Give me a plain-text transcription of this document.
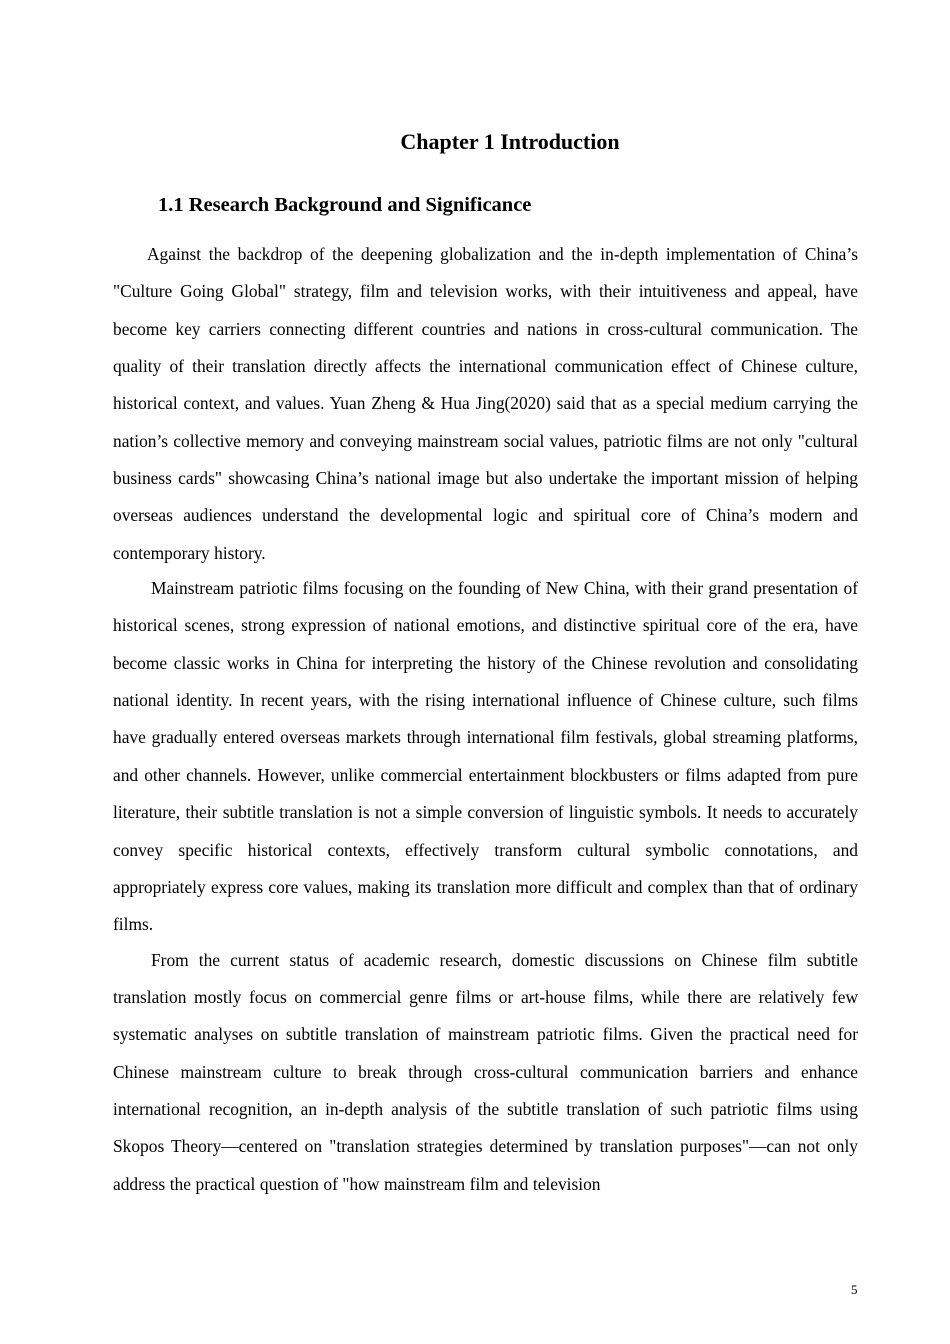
Chapter 1 Introduction
1.1 Research Background and Significance

Against the backdrop of the deepening globalization and the in-depth implementation of China’s "Culture Going Global" strategy, film and television works, with their intuitiveness and appeal, have become key carriers connecting different countries and nations in cross-cultural communication. The quality of their translation directly affects the international communication effect of Chinese culture, historical context, and values. Yuan Zheng & Hua Jing(2020) said that as a special medium carrying the nation’s collective memory and conveying mainstream social values, patriotic films are not only "cultural business cards" showcasing China’s national image but also undertake the important mission of helping overseas audiences understand the developmental logic and spiritual core of China’s modern and contemporary history.

Mainstream patriotic films focusing on the founding of New China, with their grand presentation of historical scenes, strong expression of national emotions, and distinctive spiritual core of the era, have become classic works in China for interpreting the history of the Chinese revolution and consolidating national identity. In recent years, with the rising international influence of Chinese culture, such films have gradually entered overseas markets through international film festivals, global streaming platforms, and other channels. However, unlike commercial entertainment blockbusters or films adapted from pure literature, their subtitle translation is not a simple conversion of linguistic symbols. It needs to accurately convey specific historical contexts, effectively transform cultural symbolic connotations, and appropriately express core values, making its translation more difficult and complex than that of ordinary films.

From the current status of academic research, domestic discussions on Chinese film subtitle translation mostly focus on commercial genre films or art-house films, while there are relatively few systematic analyses on subtitle translation of mainstream patriotic films. Given the practical need for Chinese mainstream culture to break through cross-cultural communication barriers and enhance international recognition, an in-depth analysis of the subtitle translation of such patriotic films using Skopos Theory—centered on "translation strategies determined by translation purposes"—can not only address the practical question of "how mainstream film and television

5
